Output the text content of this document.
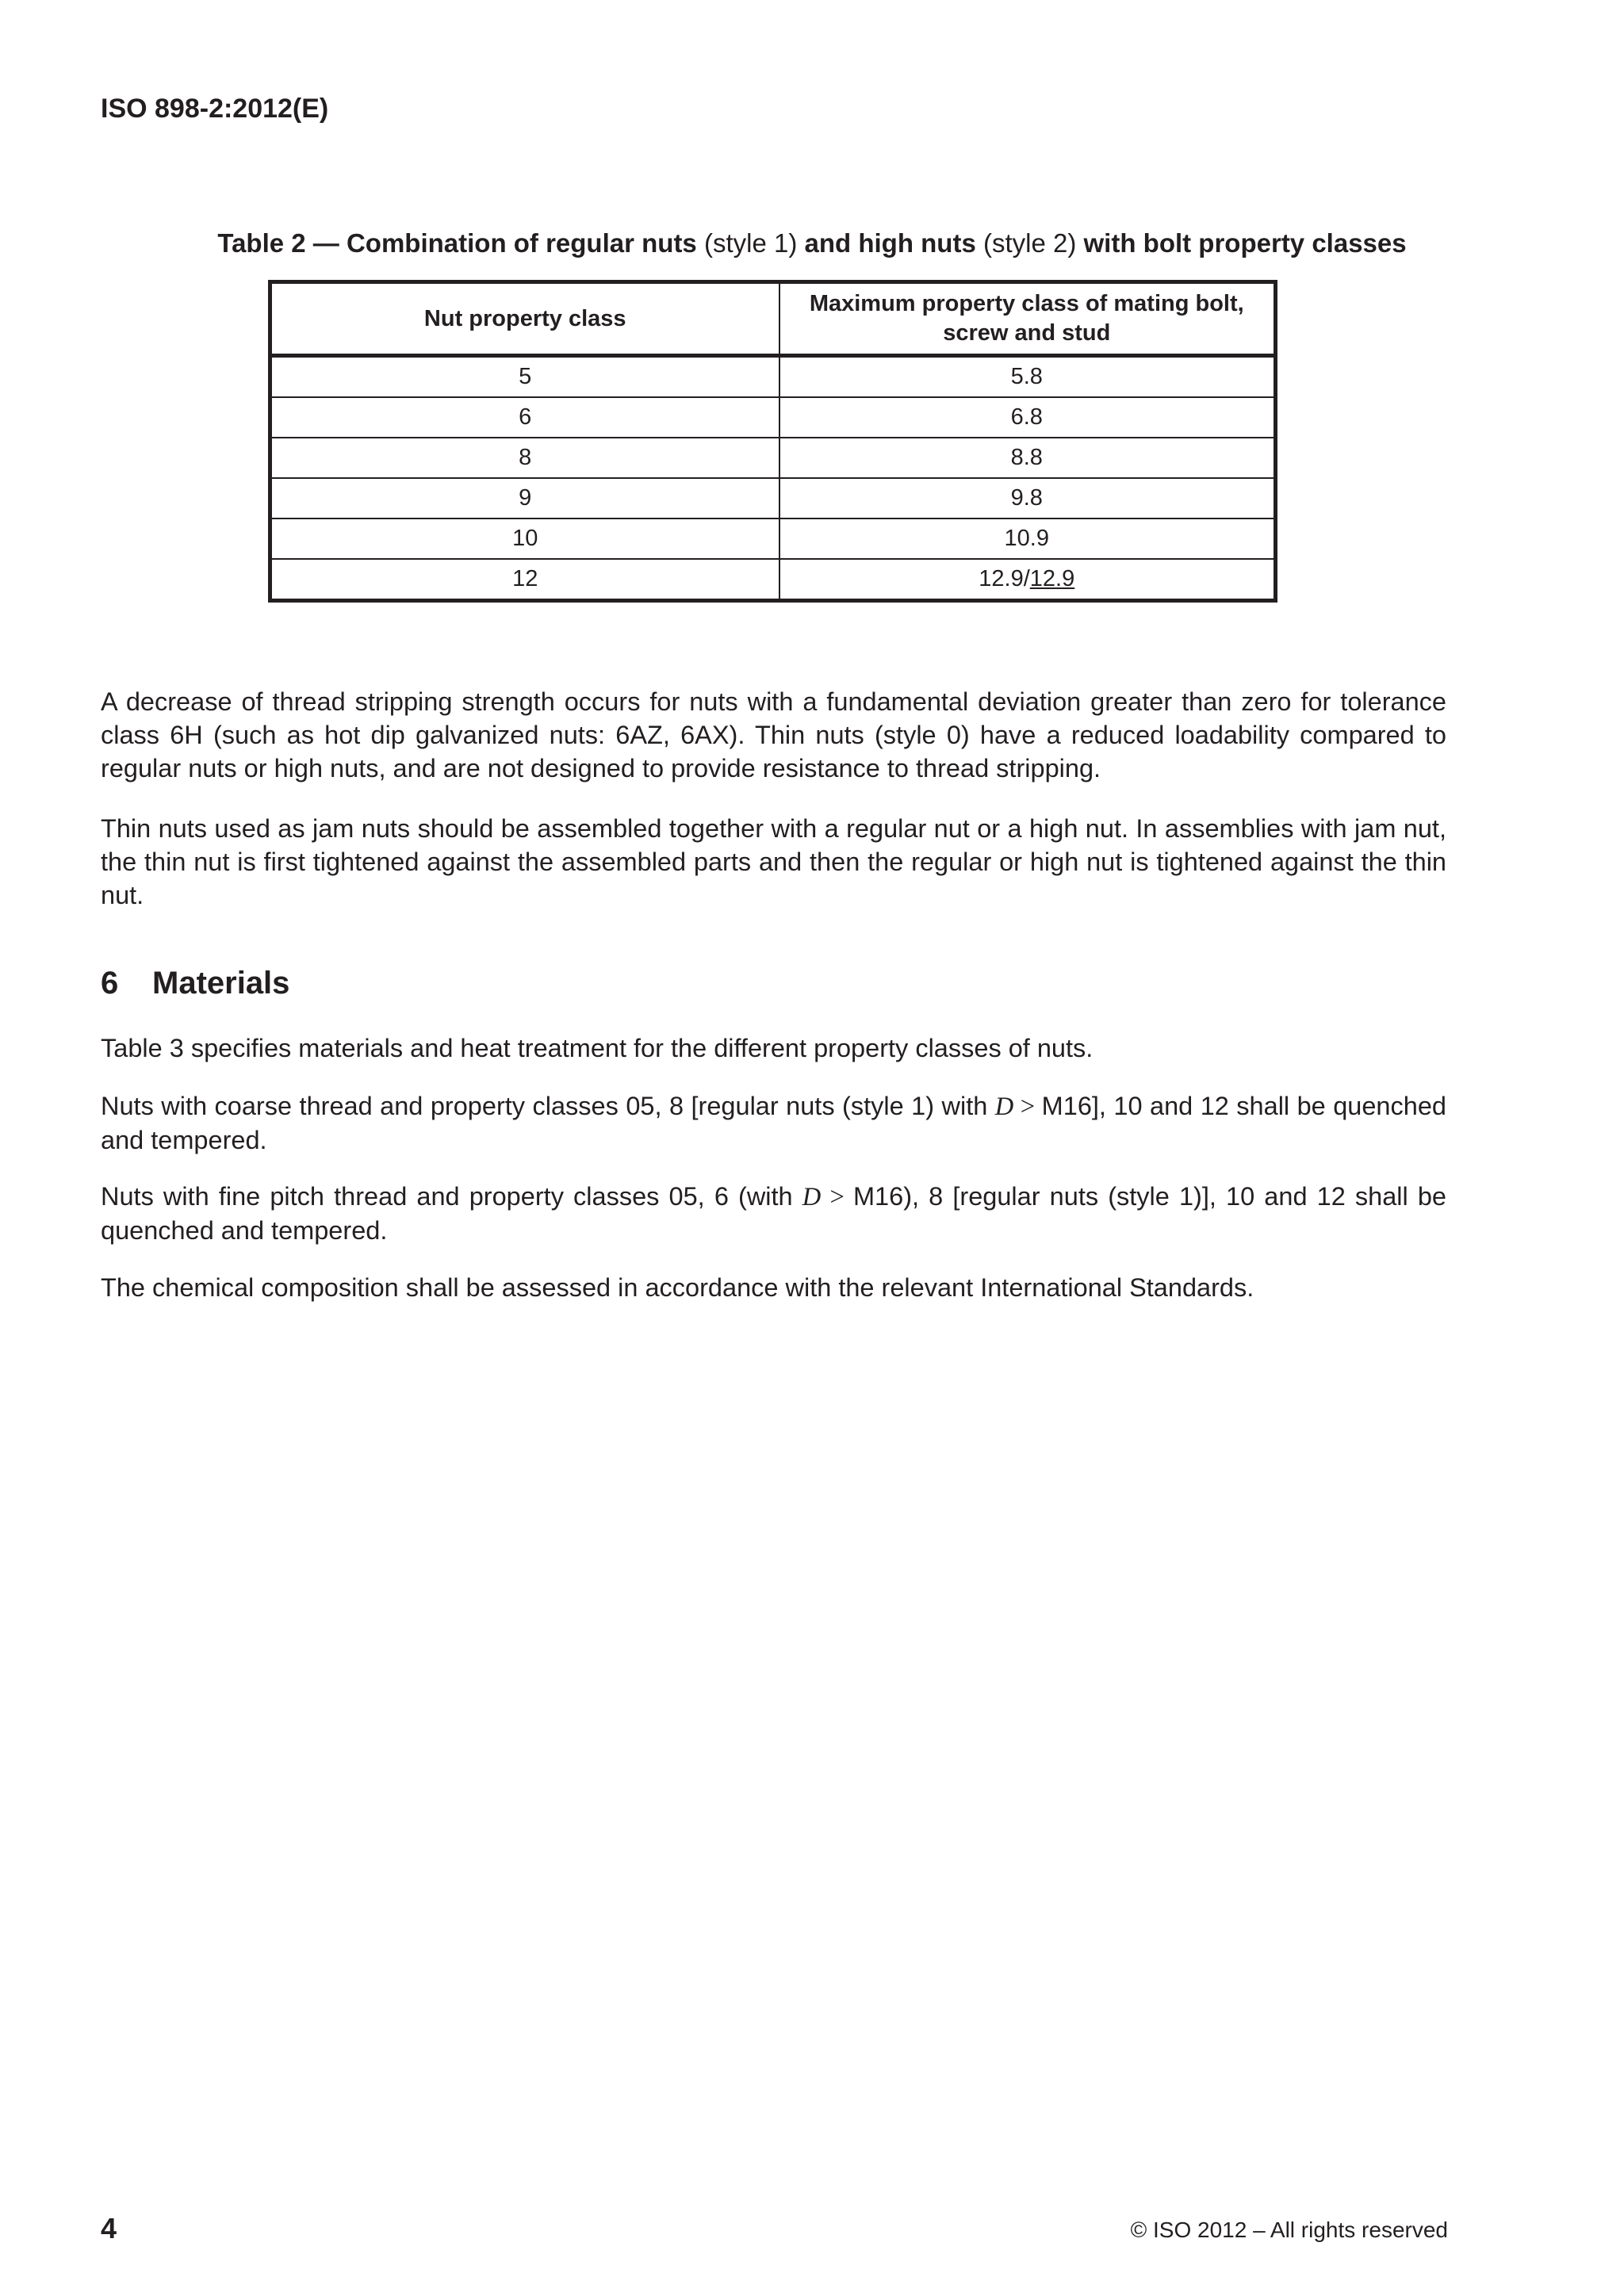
ISO 898-2:2012(E)
Table 2 — Combination of regular nuts (style 1) and high nuts (style 2) with bolt property classes
Nut property class	Maximum property class of mating bolt, screw and stud
5	5.8
6	6.8
8	8.8
9	9.8
10	10.9
12	12.9/12.9

A decrease of thread stripping strength occurs for nuts with a fundamental deviation greater than zero for tolerance class 6H (such as hot dip galvanized nuts: 6AZ, 6AX). Thin nuts (style 0) have a reduced loadability compared to regular nuts or high nuts, and are not designed to provide resistance to thread stripping.

Thin nuts used as jam nuts should be assembled together with a regular nut or a high nut. In assemblies with jam nut, the thin nut is first tightened against the assembled parts and then the regular or high nut is tightened against the thin nut.

6 Materials

Table 3 specifies materials and heat treatment for the different property classes of nuts.

Nuts with coarse thread and property classes 05, 8 [regular nuts (style 1) with D > M16], 10 and 12 shall be quenched and tempered.

Nuts with fine pitch thread and property classes 05, 6 (with D > M16), 8 [regular nuts (style 1)], 10 and 12 shall be quenched and tempered.

The chemical composition shall be assessed in accordance with the relevant International Standards.

4	© ISO 2012 – All rights reserved
